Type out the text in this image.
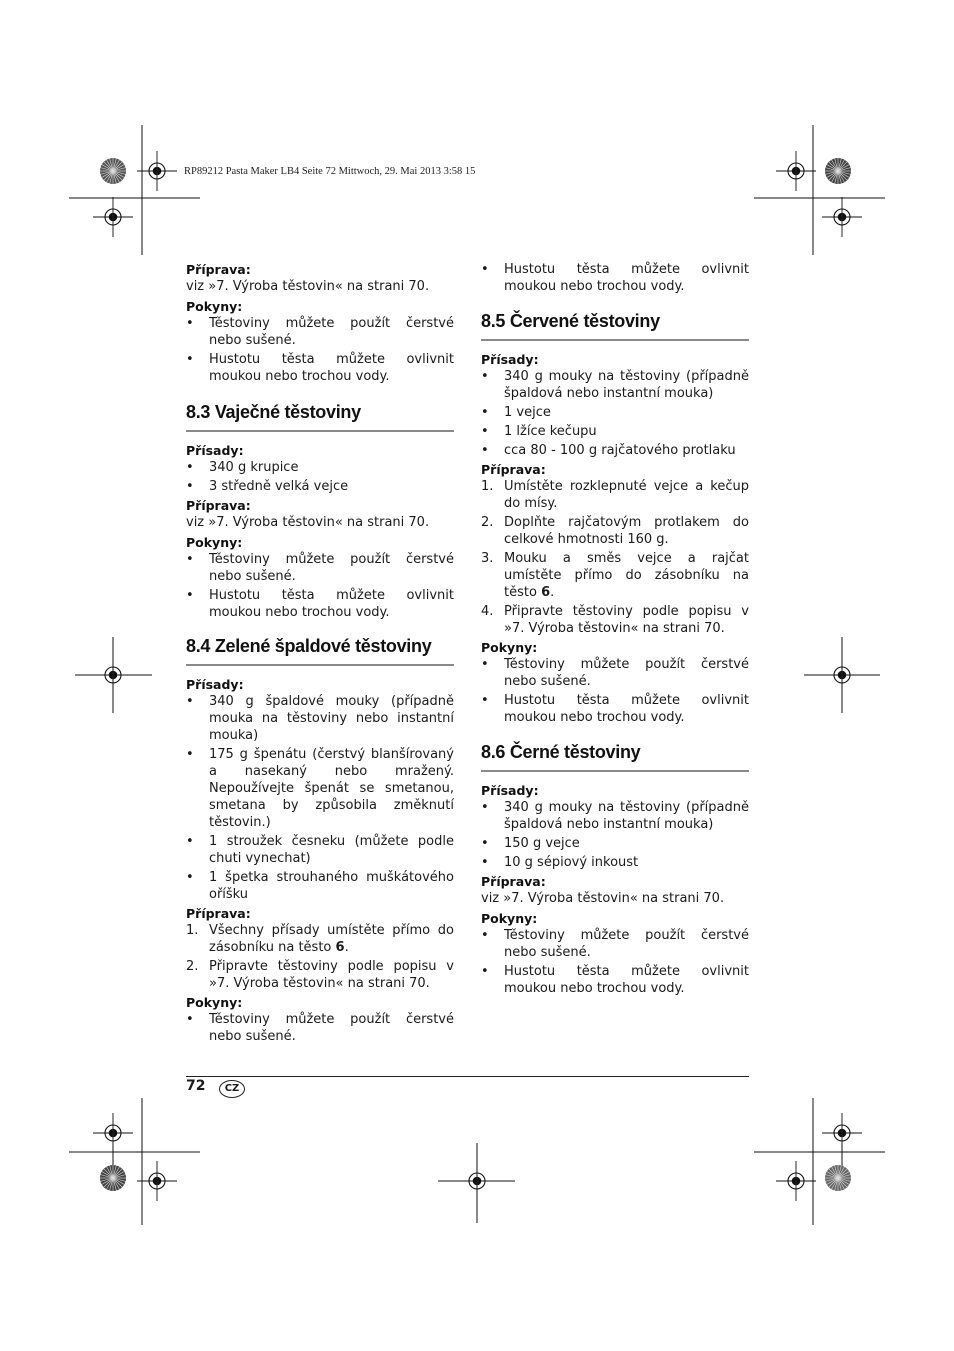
RP89212 Pasta Maker LB4 Seite 72 Mittwoch, 29. Mai 2013 3:58 15

Příprava:

viz »7. Výroba těstovin« na strani 70.

Pokyny:

• Těstoviny můžete použít čerstvé nebo sušené.
• Hustotu těsta můžete ovlivnit moukou nebo trochou vody.
8.3 Vaječné těstoviny

Přísady:

• 340 g krupice
• 3 středně velká vejce

Příprava:

viz »7. Výroba těstovin« na strani 70.

Pokyny:

• Těstoviny můžete použít čerstvé nebo sušené.
• Hustotu těsta můžete ovlivnit moukou nebo trochou vody.
8.4 Zelené špaldové těstoviny

Přísady:

• 340 g špaldové mouky (případně mouka na těstoviny nebo instantní mouka)
• 175 g špenátu (čerstvý blanšírovaný a nasekaný nebo mražený. Nepoužívejte špenát se smetanou, smetana by způsobila změknutí těstovin.)
• 1 stroužek česneku (můžete podle chuti vynechat)
• 1 špetka strouhaného muškátového oříšku

Příprava:

1. Všechny přísady umístěte přímo do zásobníku na těsto 6.
2. Připravte těstoviny podle popisu v »7. Výroba těstovin« na strani 70.

Pokyny:

• Těstoviny můžete použít čerstvé nebo sušené.
• Hustotu těsta můžete ovlivnit moukou nebo trochou vody.
8.5 Červené těstoviny

Přísady:

• 340 g mouky na těstoviny (případně špaldová nebo instantní mouka)
• 1 vejce
• 1 lžíce kečupu
• cca 80 - 100 g rajčatového protlaku

Příprava:

1. Umístěte rozklepnuté vejce a kečup do mísy.
2. Doplňte rajčatovým protlakem do celkové hmotnosti 160 g.
3. Mouku a směs vejce a rajčat umístěte přímo do zásobníku na těsto 6.
4. Připravte těstoviny podle popisu v »7. Výroba těstovin« na strani 70.

Pokyny:

• Těstoviny můžete použít čerstvé nebo sušené.
• Hustotu těsta můžete ovlivnit moukou nebo trochou vody.
8.6 Černé těstoviny

Přísady:

• 340 g mouky na těstoviny (případně špaldová nebo instantní mouka)
• 150 g vejce
• 10 g sépiový inkoust

Příprava:

viz »7. Výroba těstovin« na strani 70.

Pokyny:

• Těstoviny můžete použít čerstvé nebo sušené.
• Hustotu těsta můžete ovlivnit moukou nebo trochou vody.
72	CZ
